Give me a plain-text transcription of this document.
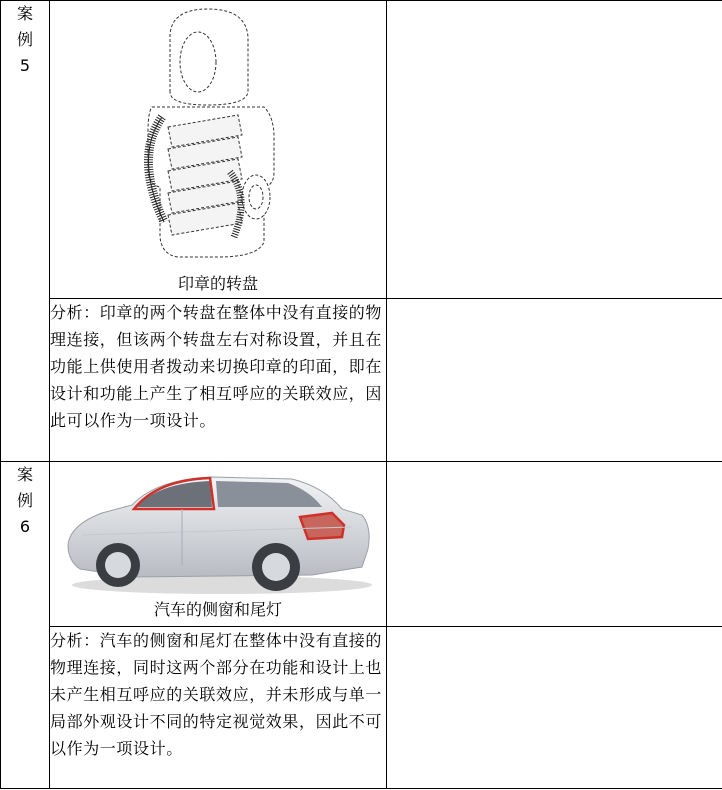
案
例
5	印章的转盘	

	分析：印章的两个转盘在整体中没有直接的物理连接，但该两个转盘左右对称设置，并且在功能上供使用者拨动来切换印章的印面，即在设计和功能上产生了相互呼应的关联效应，因此可以作为一项设计。	

案
例
6	汽车的侧窗和尾灯	

	分析：汽车的侧窗和尾灯在整体中没有直接的物理连接，同时这两个部分在功能和设计上也未产生相互呼应的关联效应，并未形成与单一局部外观设计不同的特定视觉效果，因此不可以作为一项设计。	
